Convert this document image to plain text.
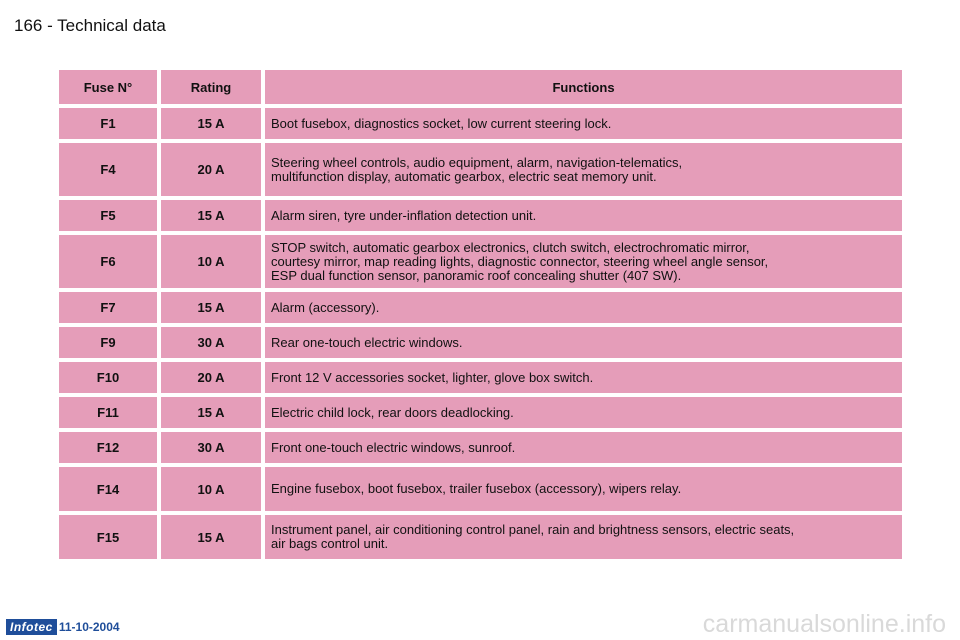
166 - Technical data
Fuse N°	Rating	Functions
F1	15 A	Boot fusebox, diagnostics socket, low current steering lock.
F4	20 A	Steering wheel controls, audio equipment, alarm, navigation-telematics,
multifunction display, automatic gearbox, electric seat memory unit.
F5	15 A	Alarm siren, tyre under-inflation detection unit.
F6	10 A	STOP switch, automatic gearbox electronics, clutch switch, electrochromatic mirror,
courtesy mirror, map reading lights, diagnostic connector, steering wheel angle sensor,
ESP dual function sensor, panoramic roof concealing shutter (407 SW).
F7	15 A	Alarm (accessory).
F9	30 A	Rear one-touch electric windows.
F10	20 A	Front 12 V accessories socket, lighter, glove box switch.
F11	15 A	Electric child lock, rear doors deadlocking.
F12	30 A	Front one-touch electric windows, sunroof.
F14	10 A	Engine fusebox, boot fusebox, trailer fusebox (accessory), wipers relay.
F15	15 A	Instrument panel, air conditioning control panel, rain and brightness sensors, electric seats,
air bags control unit.
Infotec 11-10-2004	carmanualsonline.info
